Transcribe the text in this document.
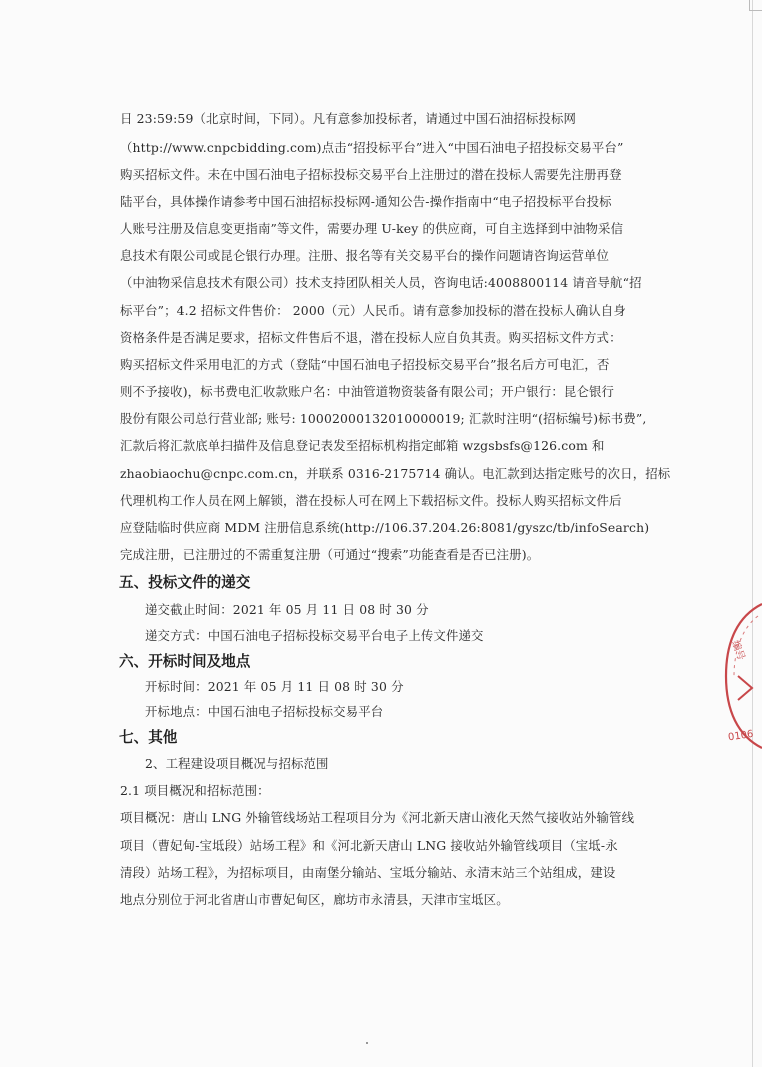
日 23:59:59（北京时间，下同）。凡有意参加投标者，请通过中国石油招标投标网
（http://www.cnpcbidding.com)点击“招投标平台”进入“中国石油电子招投标交易平台”
购买招标文件。未在中国石油电子招标投标交易平台上注册过的潜在投标人需要先注册再登
陆平台，具体操作请参考中国石油招标投标网-通知公告-操作指南中“电子招投标平台投标
人账号注册及信息变更指南”等文件，需要办理 U-key 的供应商，可自主选择到中油物采信
息技术有限公司或昆仑银行办理。注册、报名等有关交易平台的操作问题请咨询运营单位
（中油物采信息技术有限公司）技术支持团队相关人员，咨询电话:4008800114 请音导航“招
标平台”；4.2 招标文件售价： 2000（元）人民币。请有意参加投标的潜在投标人确认自身
资格条件是否满足要求，招标文件售后不退，潜在投标人应自负其责。购买招标文件方式：
购买招标文件采用电汇的方式（登陆“中国石油电子招投标交易平台”报名后方可电汇，否
则不予接收)，标书费电汇收款账户名：中油管道物资装备有限公司；开户银行：昆仑银行
股份有限公司总行营业部; 账号: 1000200013201000001​9; 汇款时注明“(招标编号)标书费”,
汇款后将汇款底单扫描件及信息登记表发至招标机构指定邮箱 wzgsbsfs@126.com 和
zhaobiaochu@cnpc.com.cn，并联系 0316-2175714 确认。电汇款到达指定账号的次日，招标
代理机构工作人员在网上解锁，潜在投标人可在网上下载招标文件。投标人购买招标文件后
应登陆临时供应商 MDM 注册信息系统(http://106.37.204.26:8081/gyszc/tb/infoSearch)
完成注册，已注册过的不需重复注册（可通过“搜索”功能查看是否已注册)。
五、投标文件的递交
递交截止时间：2021 年 05 月 11 日 08 时 30 分
递交方式：中国石油电子招标投标交易平台电子上传文件递交
六、开标时间及地点
开标时间：2021 年 05 月 11 日 08 时 30 分
开标地点：中国石油电子招标投标交易平台
七、其他
2、工程建设项目概况与招标范围
2.1 项目概况和招标范围：
项目概况：唐山 LNG 外输管线场站工程项目分为《河北新天唐山液化天然气接收站外输管线
项目（曹妃甸-宝坻段）站场工程》和《河北新天唐山 LNG 接收站外输管线项目（宝坻-永
清段）站场工程》，为招标项目，由南堡分输站、宝坻分输站、永清末站三个站组成，建设
地点分别位于河北省唐山市曹妃甸区，廊坊市永清县，天津市宝坻区。
编号
0106
